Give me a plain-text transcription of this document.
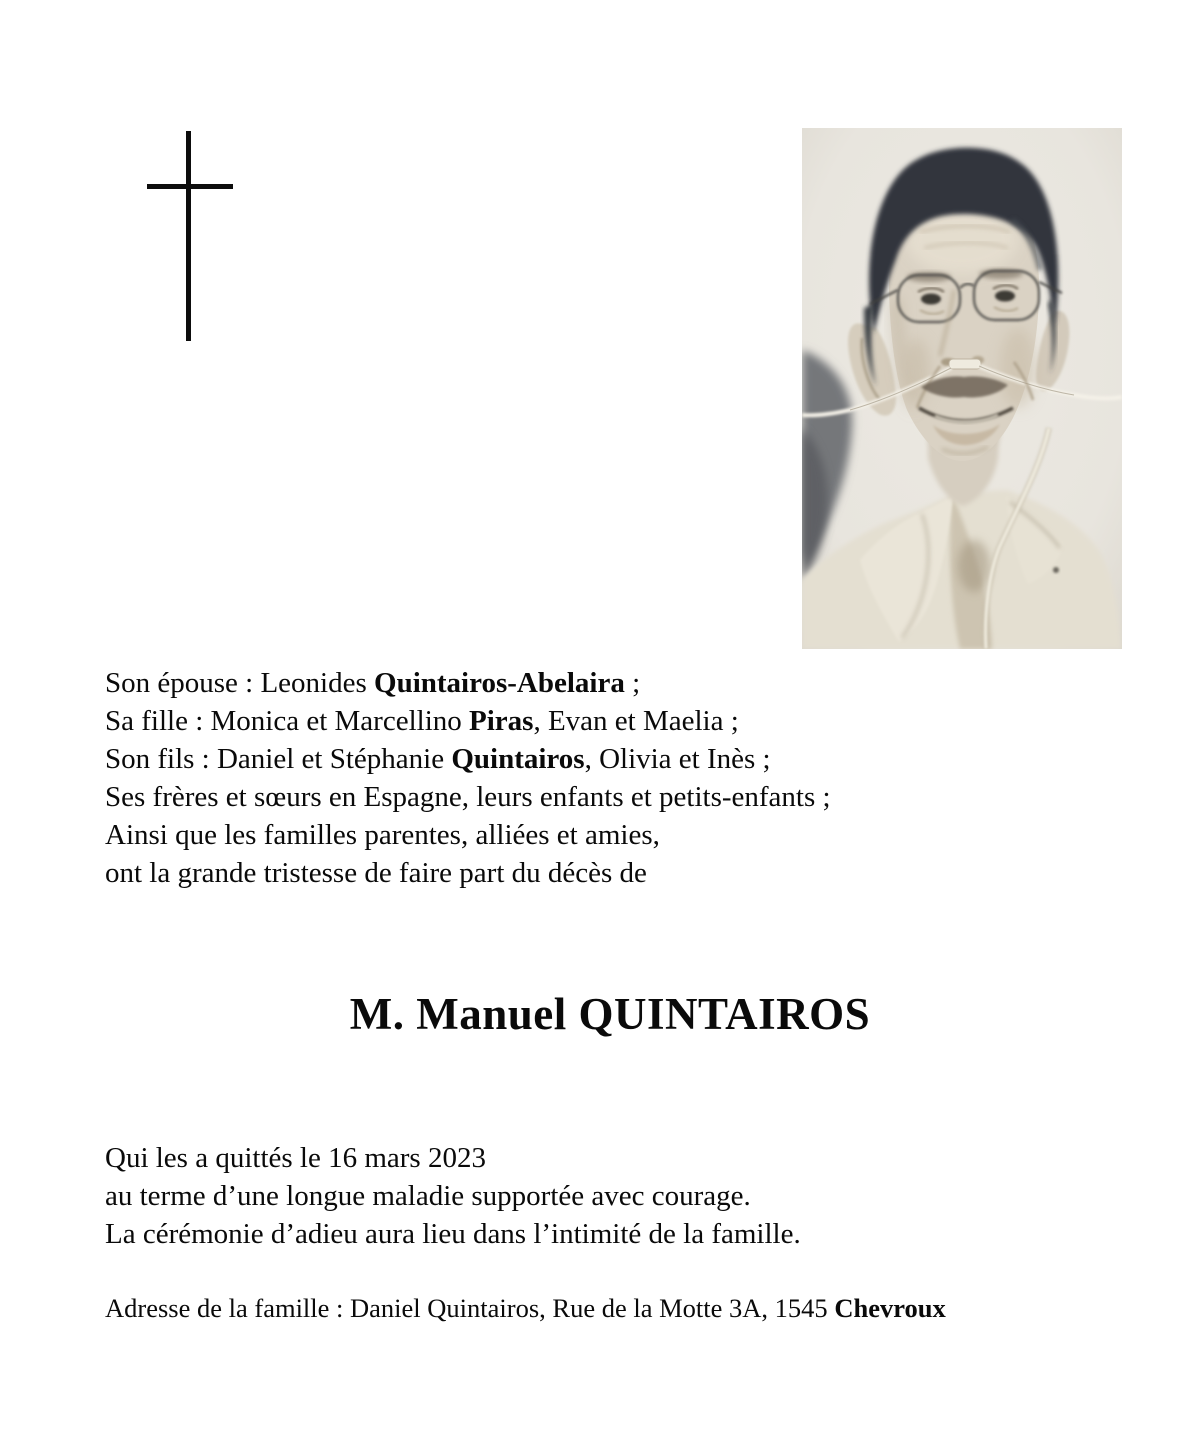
Son épouse : Leonides Quintairos-Abelaira ;

Sa fille : Monica et Marcellino Piras, Evan et Maelia ;

Son fils : Daniel et Stéphanie Quintairos, Olivia et Inès ;

Ses frères et sœurs en Espagne, leurs enfants et petits-enfants ;

Ainsi que les familles parentes, alliées et amies,

ont la grande tristesse de faire part du décès de

M. Manuel QUINTAIROS

Qui les a quittés le 16 mars 2023

au terme d’une longue maladie supportée avec courage.

La cérémonie d’adieu aura lieu dans l’intimité de la famille.

Adresse de la famille : Daniel Quintairos, Rue de la Motte 3A, 1545 Chevroux
